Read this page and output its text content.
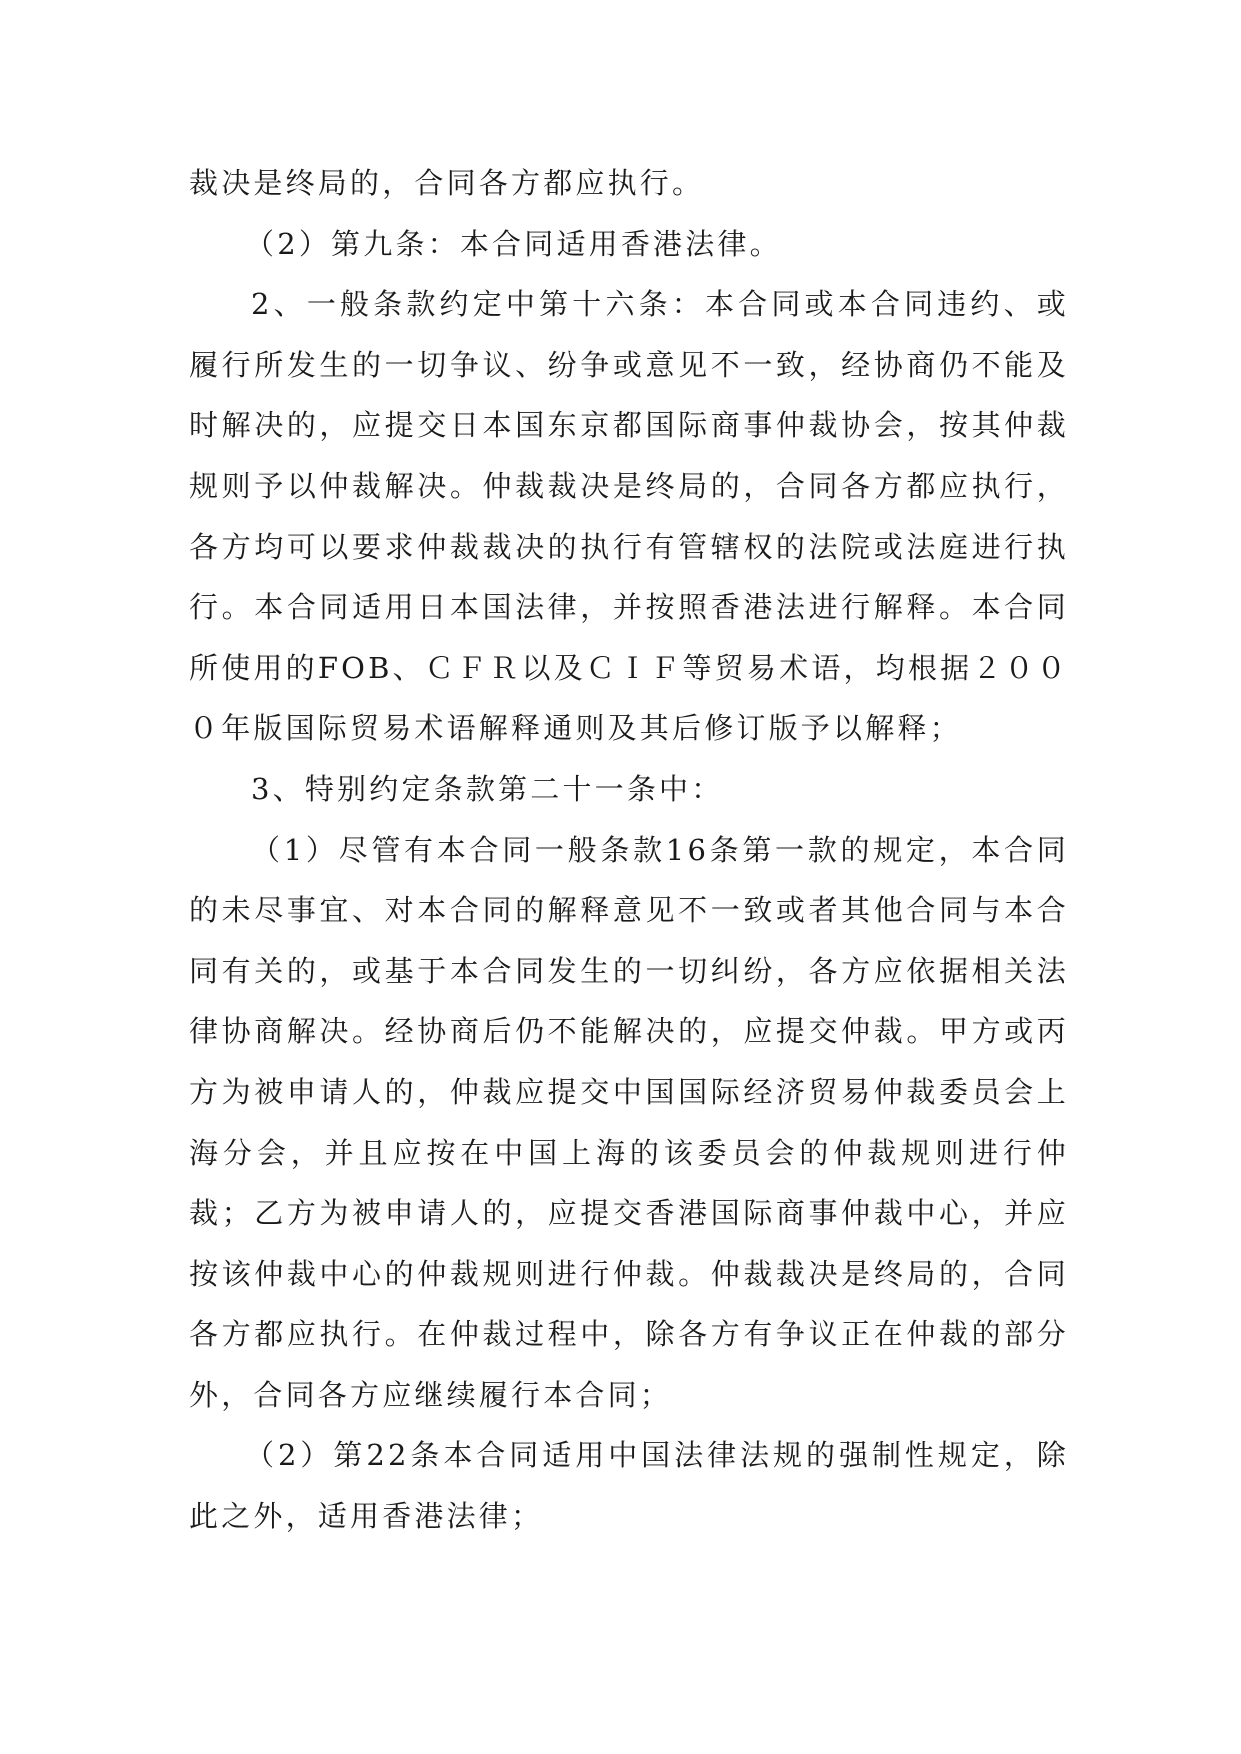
裁决是终局的，合同各方都应执行。

（2）第九条：本合同适用香港法律。

2、一般条款约定中第十六条：本合同或本合同违约、或履行所发生的一切争议、纷争或意见不一致，经协商仍不能及时解决的，应提交日本国东京都国际商事仲裁协会，按其仲裁规则予以仲裁解决。仲裁裁决是终局的，合同各方都应执行，各方均可以要求仲裁裁决的执行有管辖权的法院或法庭进行执行。本合同适用日本国法律，并按照香港法进行解释。本合同所使用的FOB、ＣＦＲ以及ＣＩＦ等贸易术语，均根据２０００年版国际贸易术语解释通则及其后修订版予以解释；

3、特别约定条款第二十一条中：

（1）尽管有本合同一般条款16条第一款的规定，本合同的未尽事宜、对本合同的解释意见不一致或者其他合同与本合同有关的，或基于本合同发生的一切纠纷，各方应依据相关法律协商解决。经协商后仍不能解决的，应提交仲裁。甲方或丙方为被申请人的，仲裁应提交中国国际经济贸易仲裁委员会上海分会，并且应按在中国上海的该委员会的仲裁规则进行仲裁；乙方为被申请人的，应提交香港国际商事仲裁中心，并应按该仲裁中心的仲裁规则进行仲裁。仲裁裁决是终局的，合同各方都应执行。在仲裁过程中，除各方有争议正在仲裁的部分外，合同各方应继续履行本合同；

（2）第22条本合同适用中国法律法规的强制性规定，除此之外，适用香港法律；
